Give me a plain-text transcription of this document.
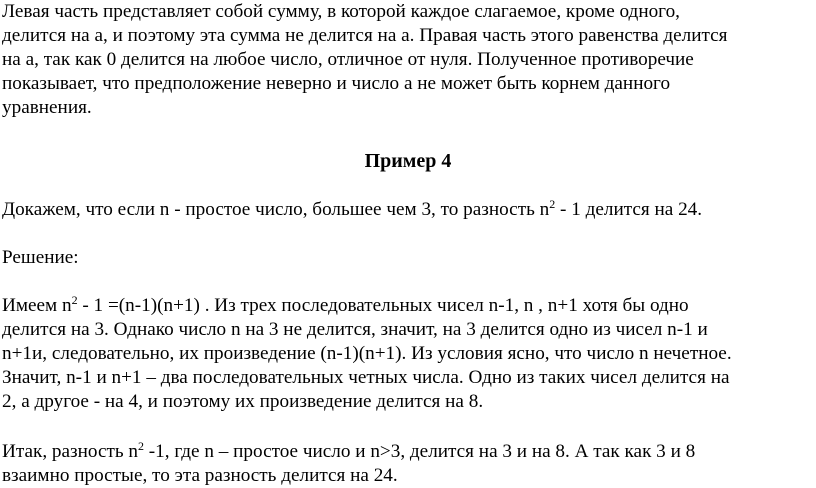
Левая часть представляет собой сумму, в которой каждое слагаемое, кроме одного,
делится на a, и поэтому эта сумма не делится на a. Правая часть этого равенства делится
на a, так как 0 делится на любое число, отличное от нуля. Полученное противоречие
показывает, что предположение неверно и число a не может быть корнем данного
уравнения.

Пример 4

Докажем, что если n - простое число, большее чем 3, то разность $n^2 - 1$ делится на 24.

Решение:

Имеем $n^2 - 1 =(n-1)(n+1)$ . Из трех последовательных чисел n-1, n , n+1 хотя бы одно
делится на 3. Однако число n на 3 не делится, значит, на 3 делится одно из чисел n-1 и
n+1и, следовательно, их произведение (n-1)(n+1). Из условия ясно, что число n нечетное.
Значит, n-1 и n+1 – два последовательных четных числа. Одно из таких чисел делится на
2, а другое - на 4, и поэтому их произведение делится на 8.

Итак, разность $n^2$ -1, где n – простое число и n>3, делится на 3 и на 8. А так как 3 и 8
взаимно простые, то эта разность делится на 24.
